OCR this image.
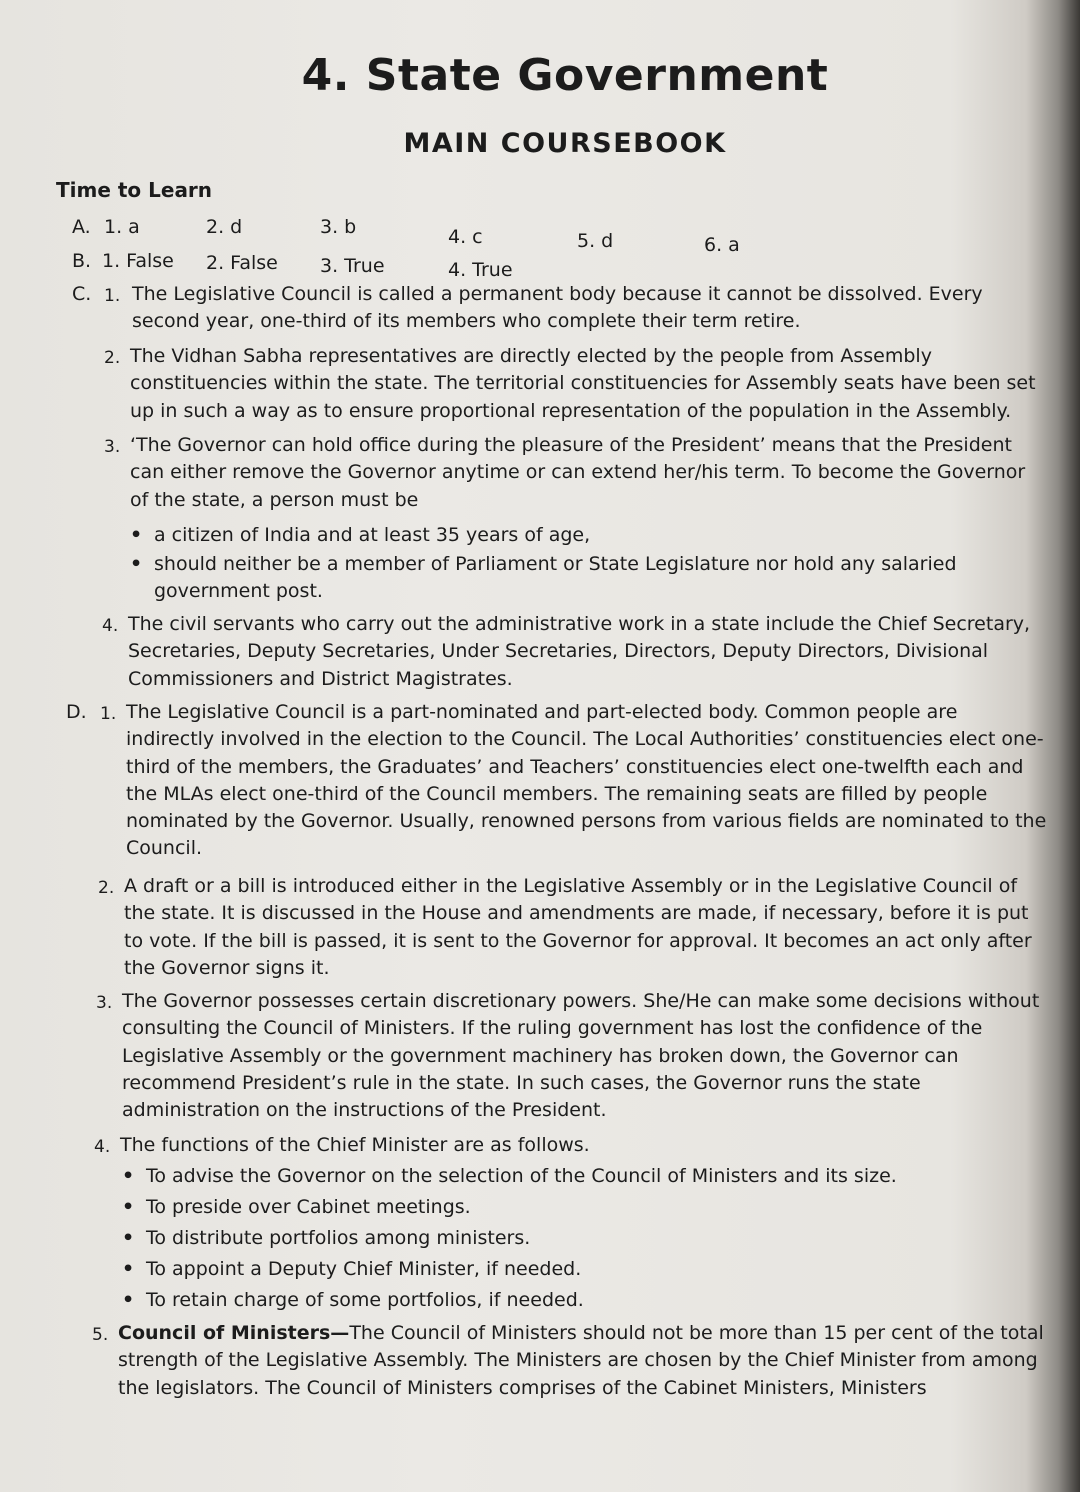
4. State Government
MAIN COURSEBOOK
Time to Learn
A. 1. a	2. d	3. b	4. c	5. d	6. a
B. 1. False 2. False 3. True	4. True
C. 1. The Legislative Council is called a permanent body because it cannot be dissolved. Every second year, one-third of its members who complete their term retire.

2. The Vidhan Sabha representatives are directly elected by the people from Assembly constituencies within the state. The territorial constituencies for Assembly seats have been set up in such a way as to ensure proportional representation of the population in the Assembly.

3. ‘The Governor can hold office during the pleasure of the President’ means that the President can either remove the Governor anytime or can extend her/his term. To become the Governor of the state, a person must be

• a citizen of India and at least 35 years of age,
• should neither be a member of Parliament or State Legislature nor hold any salaried government post.
4. The civil servants who carry out the administrative work in a state include the Chief Secretary, Secretaries, Deputy Secretaries, Under Secretaries, Directors, Deputy Directors, Divisional Commissioners and District Magistrates.

D. 1. The Legislative Council is a part-nominated and part-elected body. Common people are indirectly involved in the election to the Council. The Local Authorities’ constituencies elect one-third of the members, the Graduates’ and Teachers’ constituencies elect one-twelfth each and the MLAs elect one-third of the Council members. The remaining seats are filled by people nominated by the Governor. Usually, renowned persons from various fields are nominated to the Council.

2. A draft or a bill is introduced either in the Legislative Assembly or in the Legislative Council of the state. It is discussed in the House and amendments are made, if necessary, before it is put to vote. If the bill is passed, it is sent to the Governor for approval. It becomes an act only after the Governor signs it.

3. The Governor possesses certain discretionary powers. She/He can make some decisions without consulting the Council of Ministers. If the ruling government has lost the confidence of the Legislative Assembly or the government machinery has broken down, the Governor can recommend President’s rule in the state. In such cases, the Governor runs the state administration on the instructions of the President.

4. The functions of the Chief Minister are as follows.

• To advise the Governor on the selection of the Council of Ministers and its size.
• To preside over Cabinet meetings.
• To distribute portfolios among ministers.
• To appoint a Deputy Chief Minister, if needed.
• To retain charge of some portfolios, if needed.
5. Council of Ministers—The Council of Ministers should not be more than 15 per cent of the total strength of the Legislative Assembly. The Ministers are chosen by the Chief Minister from among the legislators. The Council of Ministers comprises of the Cabinet Ministers, Ministers
